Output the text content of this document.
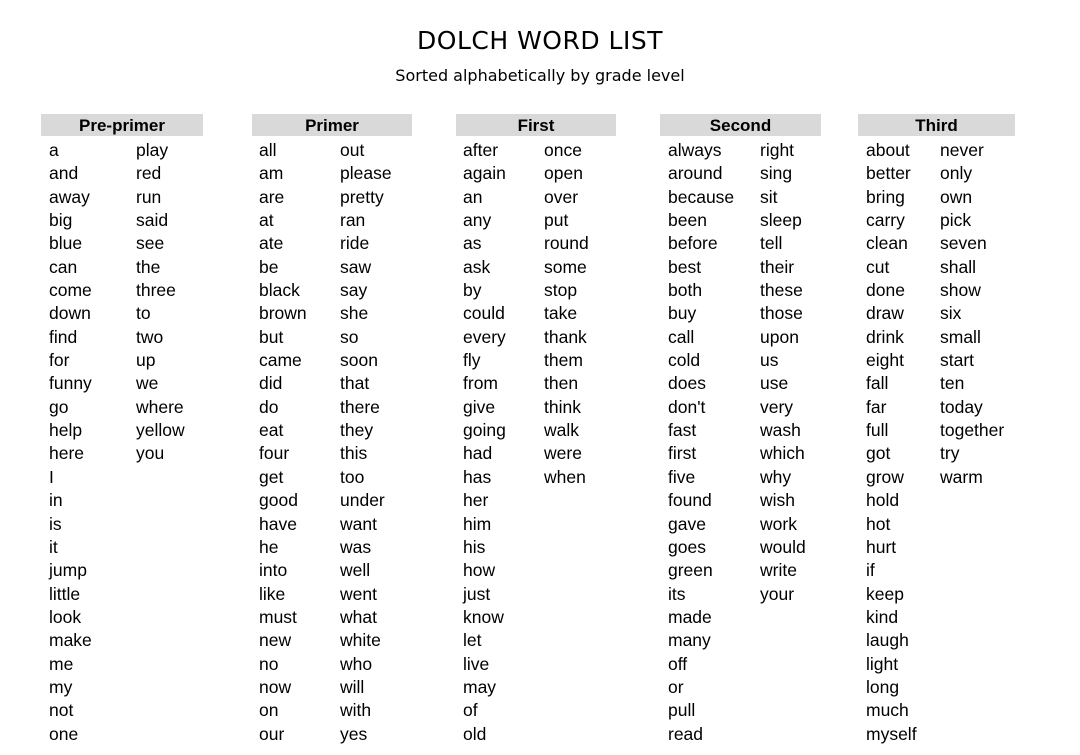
DOLCH WORD LIST
Sorted alphabetically by grade level
Pre-primer
a
and
away
big
blue
can
come
down
find
for
funny
go
help
here
I
in
is
it
jump
little
look
make
me
my
not
one
play
red
run
said
see
the
three
to
two
up
we
where
yellow
you
Primer
all
am
are
at
ate
be
black
brown
but
came
did
do
eat
four
get
good
have
he
into
like
must
new
no
now
on
our
out
please
pretty
ran
ride
saw
say
she
so
soon
that
there
they
this
too
under
want
was
well
went
what
white
who
will
with
yes
First
after
again
an
any
as
ask
by
could
every
fly
from
give
going
had
has
her
him
his
how
just
know
let
live
may
of
old
once
open
over
put
round
some
stop
take
thank
them
then
think
walk
were
when
Second
always
around
because
been
before
best
both
buy
call
cold
does
don't
fast
first
five
found
gave
goes
green
its
made
many
off
or
pull
read
right
sing
sit
sleep
tell
their
these
those
upon
us
use
very
wash
which
why
wish
work
would
write
your
Third
about
better
bring
carry
clean
cut
done
draw
drink
eight
fall
far
full
got
grow
hold
hot
hurt
if
keep
kind
laugh
light
long
much
myself
never
only
own
pick
seven
shall
show
six
small
start
ten
today
together
try
warm
